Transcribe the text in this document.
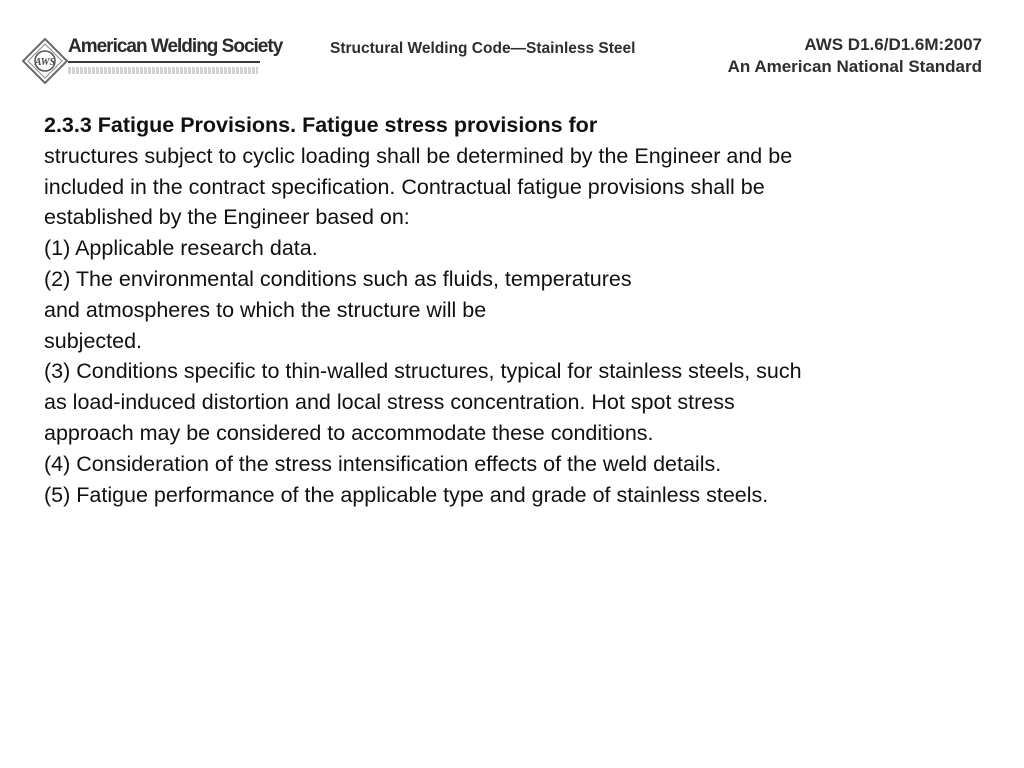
AWS
American Welding Society	Structural Welding Code—Stainless Steel	AWS D1.6/D1.6M:2007
An American National Standard
2.3.3 Fatigue Provisions. Fatigue stress provisions for
structures subject to cyclic loading shall be determined by the Engineer and be
included in the contract specification. Contractual fatigue provisions shall be
established by the Engineer based on:
(1) Applicable research data.
(2) The environmental conditions such as fluids, temperatures
and atmospheres to which the structure will be
subjected.
(3) Conditions specific to thin-walled structures, typical for stainless steels, such
as load-induced distortion and local stress concentration. Hot spot stress
approach may be considered to accommodate these conditions.
(4) Consideration of the stress intensification effects of the weld details.
(5) Fatigue performance of the applicable type and grade of stainless steels.
